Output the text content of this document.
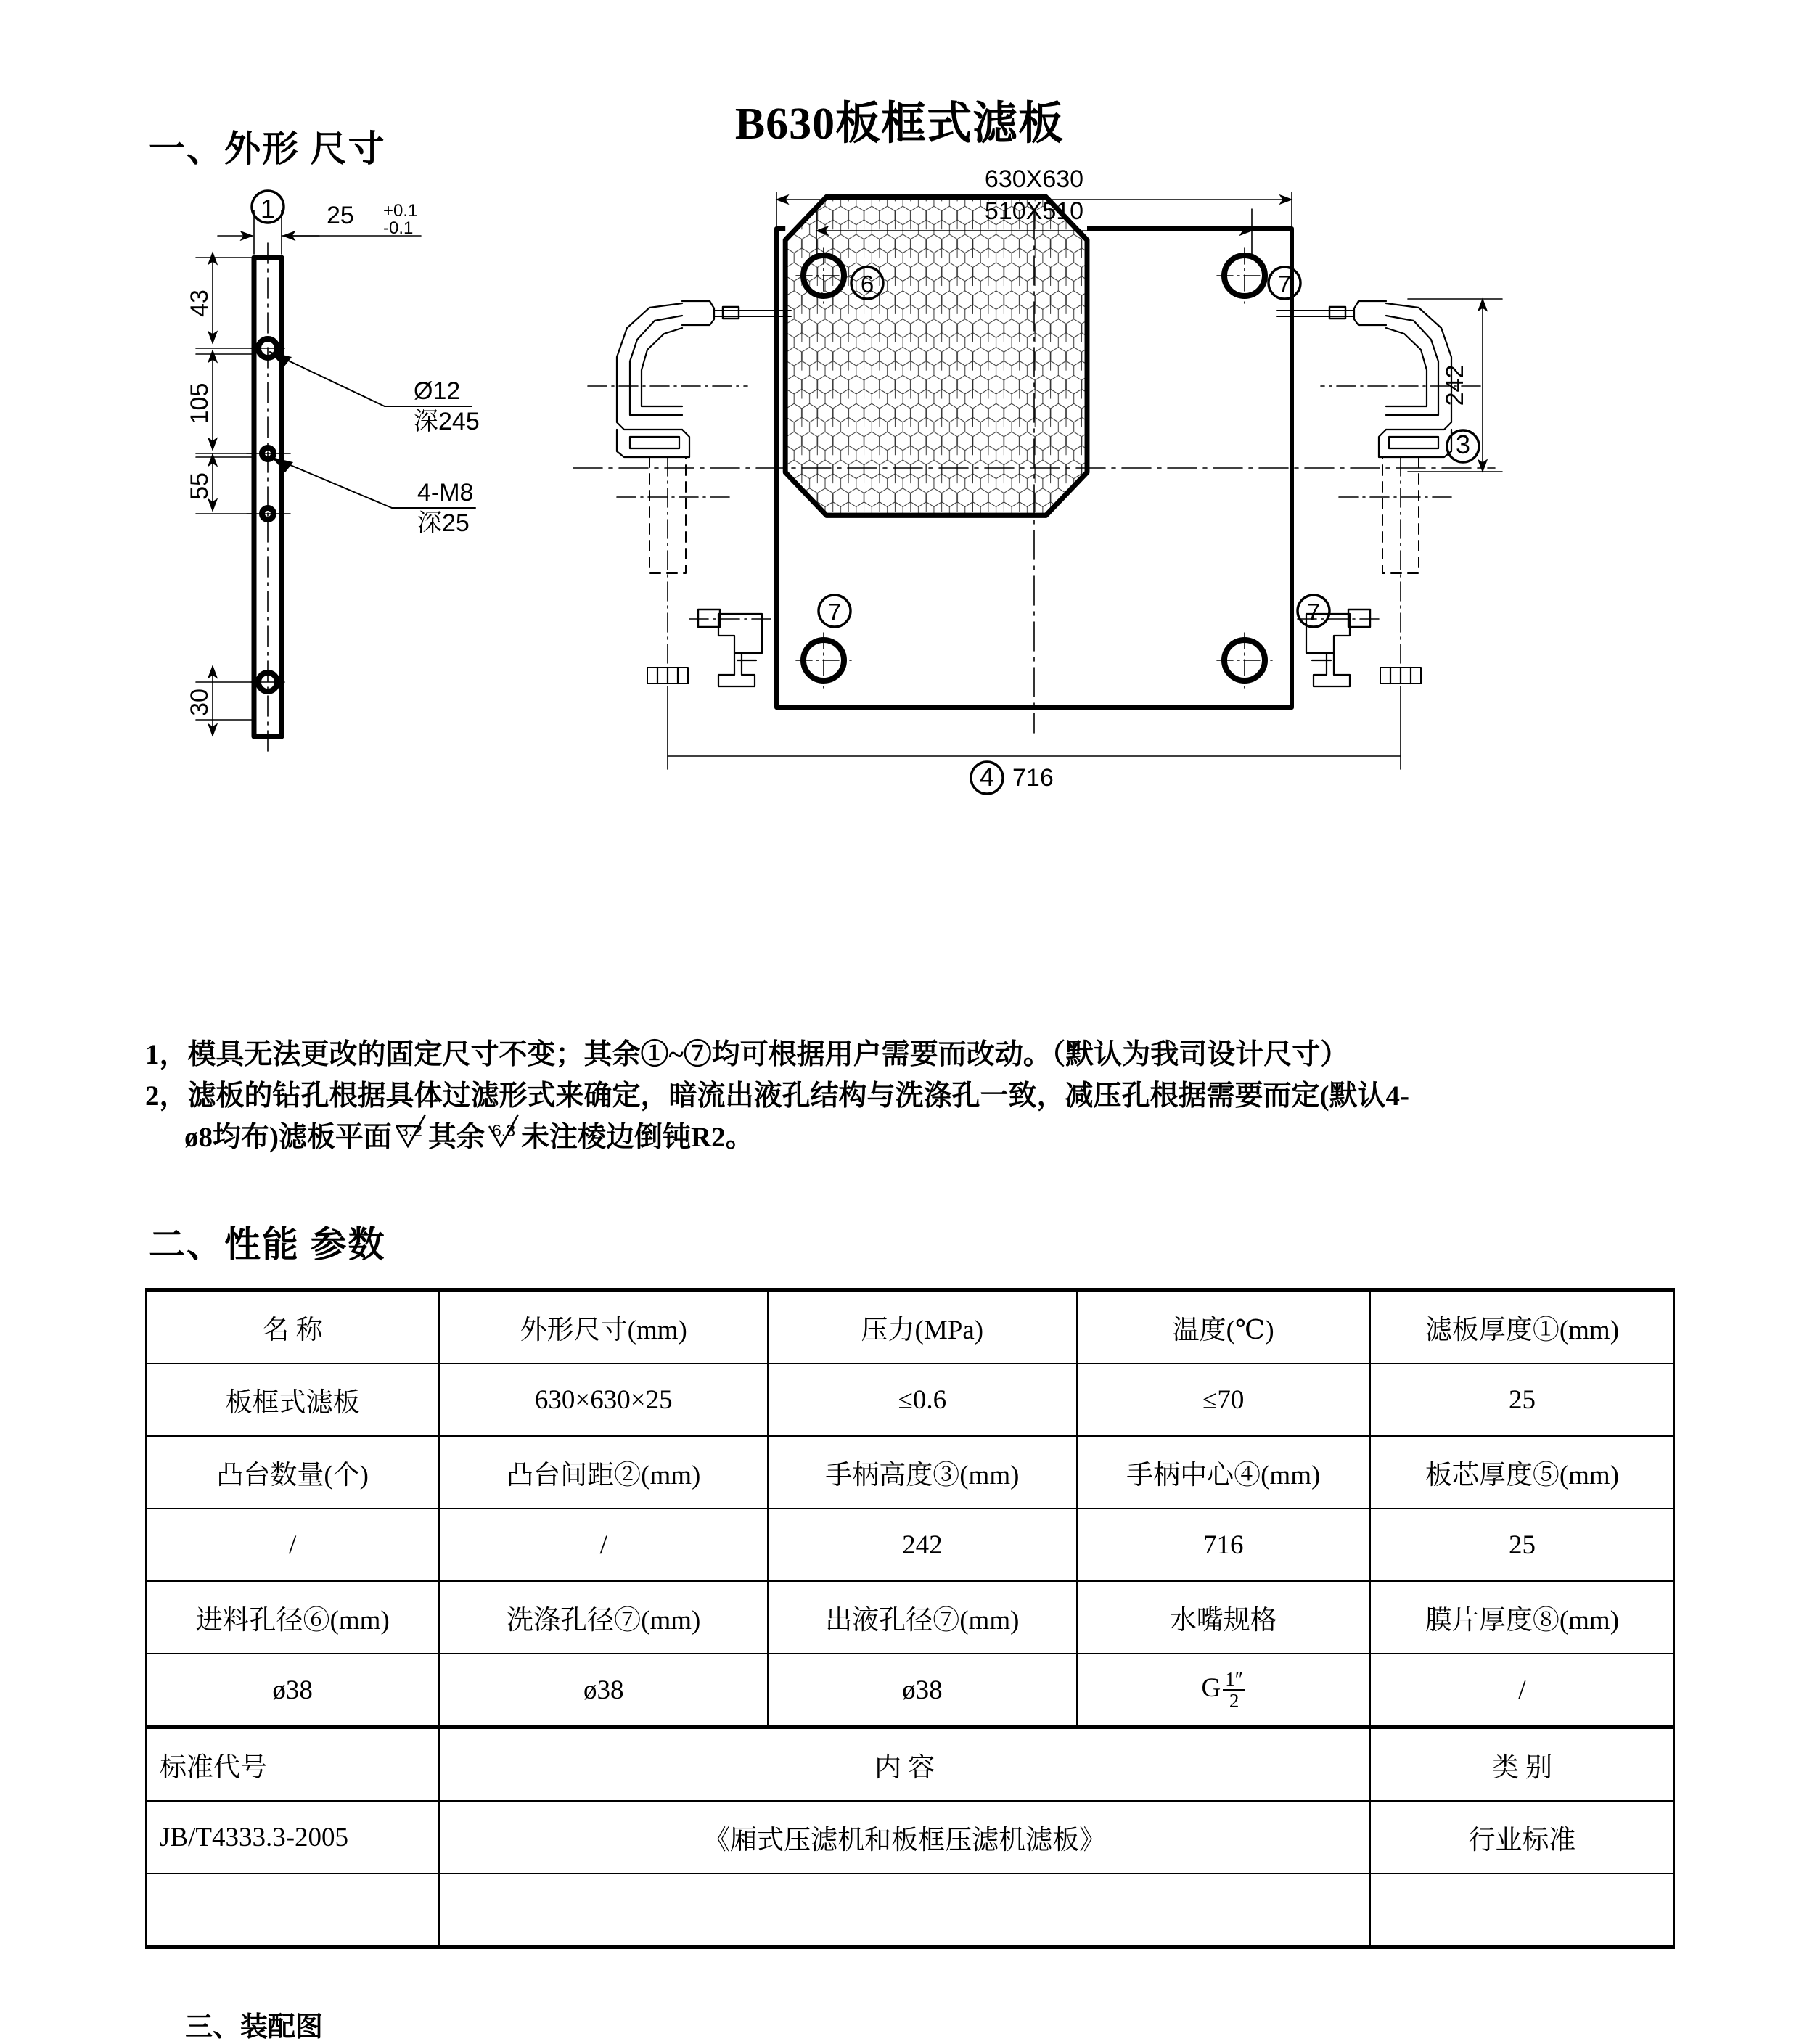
B630板框式滤板
一、外形 尺寸
二、性能 参数
1 25 +0.1
-0.1
43
105
55
30
Ø12
深245
4-M8
深25
630X630
510X510
242
3
4 716
6	7
7	7
1，模具无法更改的固定尺寸不变；其余①~⑦均可根据用户需要而改动。（默认为我司设计尺寸）
2，滤板的钻孔根据具体过滤形式来确定，暗流出液孔结构与洗涤孔一致，减压孔根据需要而定(默认4-
ø8均布)滤板平面 3.2 其余 6.3 未注棱边倒钝R2。
名 称	外形尺寸(mm)	压力(MPa)	温度(℃)	滤板厚度①(mm)
板框式滤板	630×630×25	≤0.6	≤70	25
凸台数量(个)	凸台间距②(mm)	手柄高度③(mm)	手柄中心④(mm)	板芯厚度⑤(mm)
/	/	242	716	25
进料孔径⑥(mm)	洗涤孔径⑦(mm)	出液孔径⑦(mm)	水嘴规格	膜片厚度⑧(mm)
ø38	ø38	ø38	G $\frac{1''}{2}$	/
标准代号	内 容			类 别
JB/T4333.3-2005	《厢式压滤机和板框压滤机滤板》			行业标准

三、装配图
